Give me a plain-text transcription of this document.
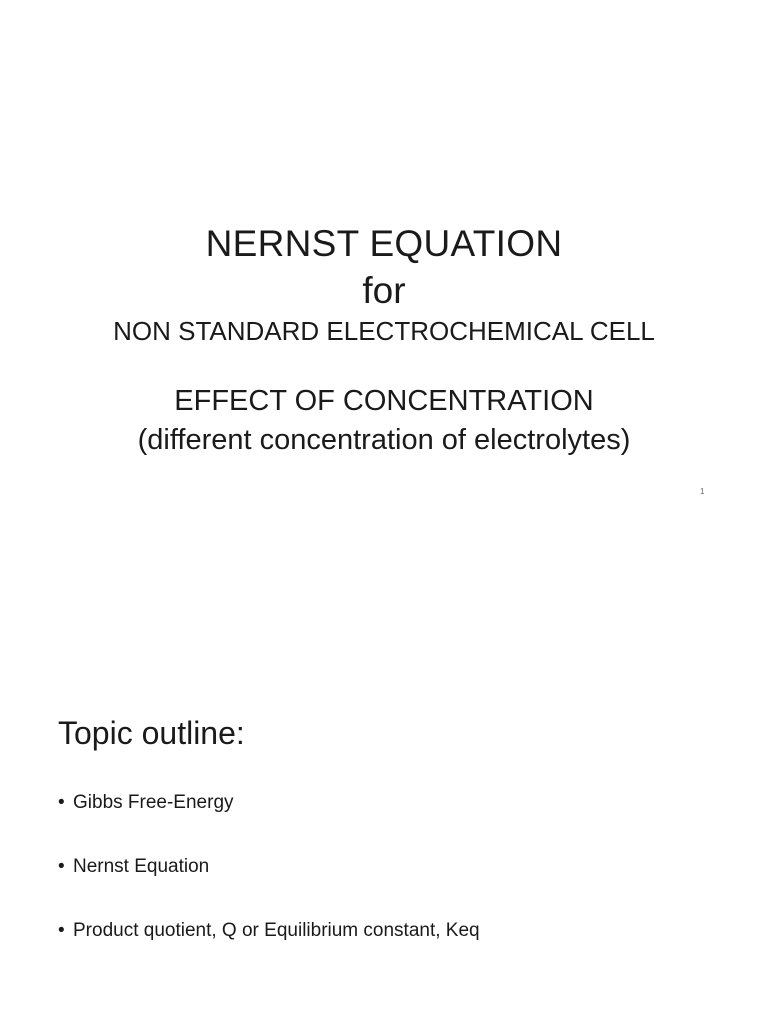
NERNST EQUATION
for
NON STANDARD ELECTROCHEMICAL CELL
EFFECT OF CONCENTRATION
(different concentration of electrolytes)
1
Topic outline:
• Gibbs Free-Energy
• Nernst Equation
• Product quotient, Q or Equilibrium constant, Keq
